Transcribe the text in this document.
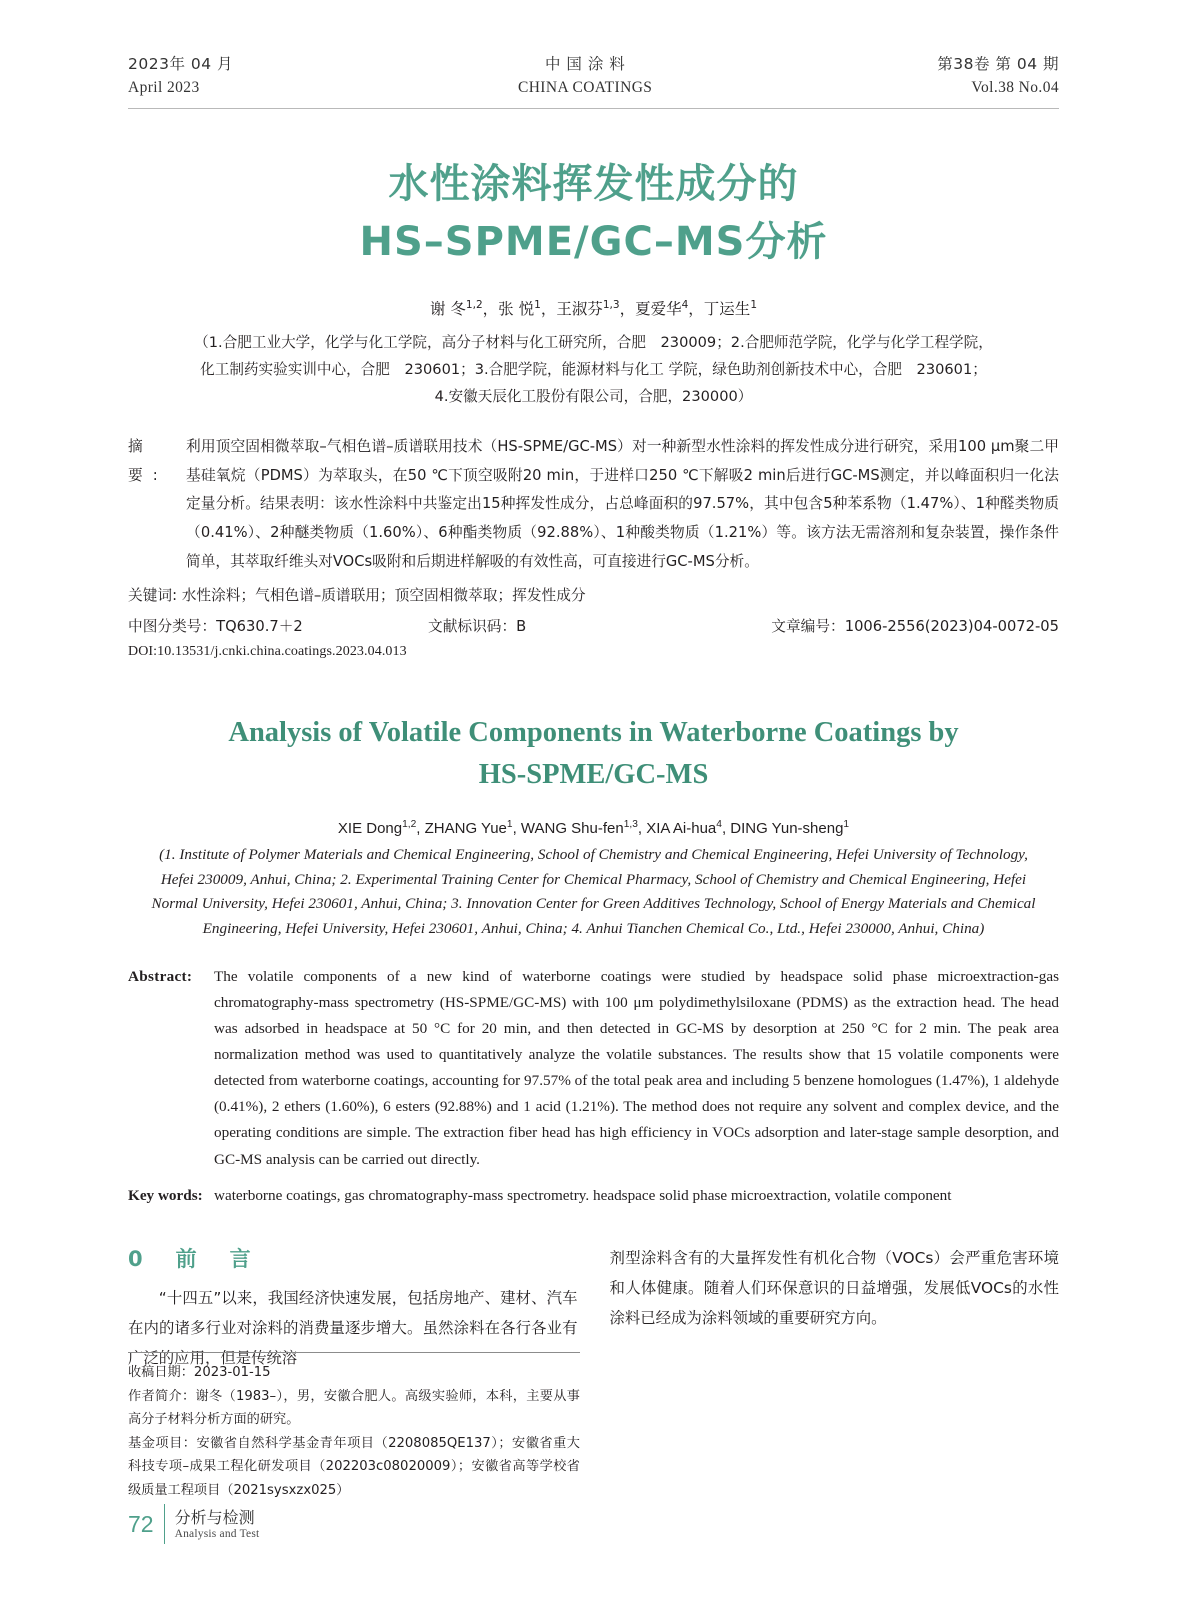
2023年 04 月
April 2023
中 国 涂 料
CHINA COATINGS
第38卷 第 04 期
Vol.38 No.04
水性涂料挥发性成分的
HS–SPME/GC–MS分析
谢 冬$^{1,2}$，张 悦$^1$，王淑芬$^{1,3}$，夏爱华$^4$，丁运生$^1$
（1.合肥工业大学，化学与化工学院，高分子材料与化工研究所，合肥　230009；2.合肥师范学院，化学与化学工程学院，
化工制药实验实训中心，合肥　230601；3.合肥学院，能源材料与化工 学院，绿色助剂创新技术中心，合肥　230601；
4.安徽天辰化工股份有限公司，合肥，230000）
摘　要:
利用顶空固相微萃取–气相色谱–质谱联用技术（HS-SPME/GC-MS）对一种新型水性涂料的挥发性成分进行研究，采用100 μm聚二甲基硅氧烷（PDMS）为萃取头，在50 ℃下顶空吸附20 min，于进样口250 ℃下解吸2 min后进行GC-MS测定，并以峰面积归一化法定量分析。结果表明：该水性涂料中共鉴定出15种挥发性成分，占总峰面积的97.57%，其中包含5种苯系物（1.47%）、1种醛类物质（0.41%）、2种醚类物质（1.60%）、6种酯类物质（92.88%）、1种酸类物质（1.21%）等。该方法无需溶剂和复杂装置，操作条件简单，其萃取纤维头对VOCs吸附和后期进样解吸的有效性高，可直接进行GC-MS分析。
关键词: 水性涂料；气相色谱–质谱联用；顶空固相微萃取；挥发性成分
中图分类号：TQ630.7＋2	文献标识码：B	文章编号：1006-2556(2023)04-0072-05
DOI:10.13531/j.cnki.china.coatings.2023.04.013
Analysis of Volatile Components in Waterborne Coatings by
HS-SPME/GC-MS
XIE Dong$^{1,2}$, ZHANG Yue$^1$, WANG Shu-fen$^{1,3}$, XIA Ai-hua$^4$, DING Yun-sheng$^1$
(1. Institute of Polymer Materials and Chemical Engineering, School of Chemistry and Chemical Engineering, Hefei University of Technology, Hefei 230009, Anhui, China; 2. Experimental Training Center for Chemical Pharmacy, School of Chemistry and Chemical Engineering, Hefei Normal University, Hefei 230601, Anhui, China; 3. Innovation Center for Green Additives Technology, School of Energy Materials and Chemical Engineering, Hefei University, Hefei 230601, Anhui, China; 4. Anhui Tianchen Chemical Co., Ltd., Hefei 230000, Anhui, China)
Abstract:	The volatile components of a new kind of waterborne coatings were studied by headspace solid phase microextraction-gas chromatography-mass spectrometry (HS-SPME/GC-MS) with 100 μm polydimethylsiloxane (PDMS) as the extraction head. The head was adsorbed in headspace at 50 °C for 20 min, and then detected in GC-MS by desorption at 250 °C for 2 min. The peak area normalization method was used to quantitatively analyze the volatile substances. The results show that 15 volatile components were detected from waterborne coatings, accounting for 97.57% of the total peak area and including 5 benzene homologues (1.47%), 1 aldehyde (0.41%), 2 ethers (1.60%), 6 esters (92.88%) and 1 acid (1.21%). The method does not require any solvent and complex device, and the operating conditions are simple. The extraction fiber head has high efficiency in VOCs adsorption and later-stage sample desorption, and GC-MS analysis can be carried out directly.
Key words: waterborne coatings, gas chromatography-mass spectrometry. headspace solid phase microextraction, volatile component
0　前　言
“十四五”以来，我国经济快速发展，包括房地产、建材、汽车在内的诸多行业对涂料的消费量逐步增大。虽然涂料在各行各业有广泛的应用，但是传统溶
剂型涂料含有的大量挥发性有机化合物（VOCs）会严重危害环境和人体健康。随着人们环保意识的日益增强，发展低VOCs的水性涂料已经成为涂料领域的重要研究方向。
收稿日期：2023-01-15
作者简介：谢冬（1983–），男，安徽合肥人。高级实验师，本科，主要从事高分子材料分析方面的研究。
基金项目：安徽省自然科学基金青年项目（2208085QE137）；安徽省重大科技专项–成果工程化研发项目（202203c08020009）；安徽省高等学校省级质量工程项目（2021sysxzx025）
72	分析与检测
Analysis and Test
